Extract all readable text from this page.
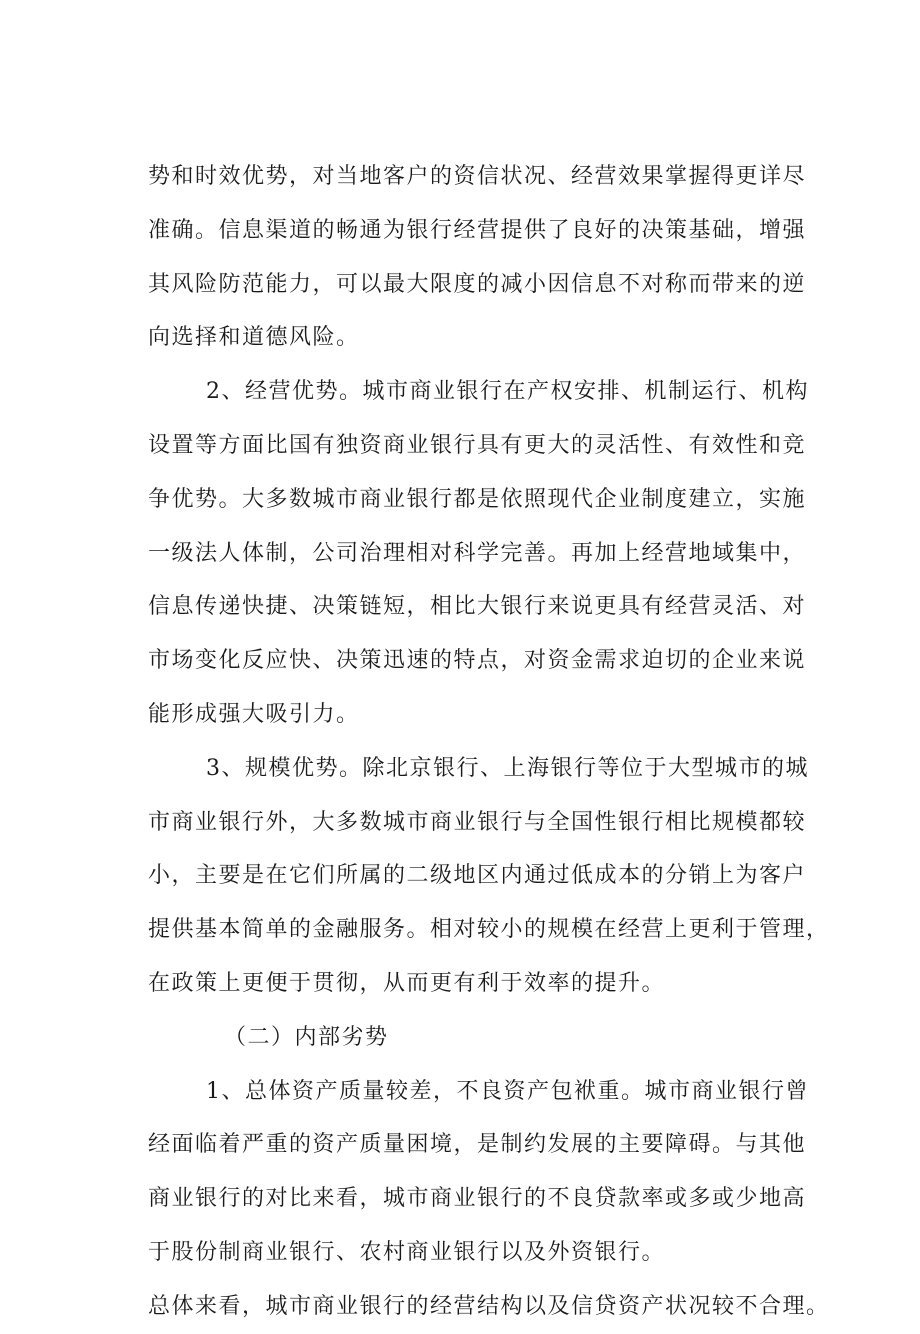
势和时效优势，对当地客户的资信状况、经营效果掌握得更详尽
准确。信息渠道的畅通为银行经营提供了良好的决策基础，增强
其风险防范能力，可以最大限度的减小因信息不对称而带来的逆
向选择和道德风险。
2、经营优势。城市商业银行在产权安排、机制运行、机构
设置等方面比国有独资商业银行具有更大的灵活性、有效性和竞
争优势。大多数城市商业银行都是依照现代企业制度建立，实施
一级法人体制，公司治理相对科学完善。再加上经营地域集中，
信息传递快捷、决策链短，相比大银行来说更具有经营灵活、对
市场变化反应快、决策迅速的特点，对资金需求迫切的企业来说
能形成强大吸引力。
3、规模优势。除北京银行、上海银行等位于大型城市的城
市商业银行外，大多数城市商业银行与全国性银行相比规模都较
小，主要是在它们所属的二级地区内通过低成本的分销上为客户
提供基本简单的金融服务。相对较小的规模在经营上更利于管理，
在政策上更便于贯彻，从而更有利于效率的提升。
（二）内部劣势
1、总体资产质量较差，不良资产包袱重。城市商业银行曾
经面临着严重的资产质量困境，是制约发展的主要障碍。与其他
商业银行的对比来看，城市商业银行的不良贷款率或多或少地高
于股份制商业银行、农村商业银行以及外资银行。
总体来看，城市商业银行的经营结构以及信贷资产状况较不合理。
